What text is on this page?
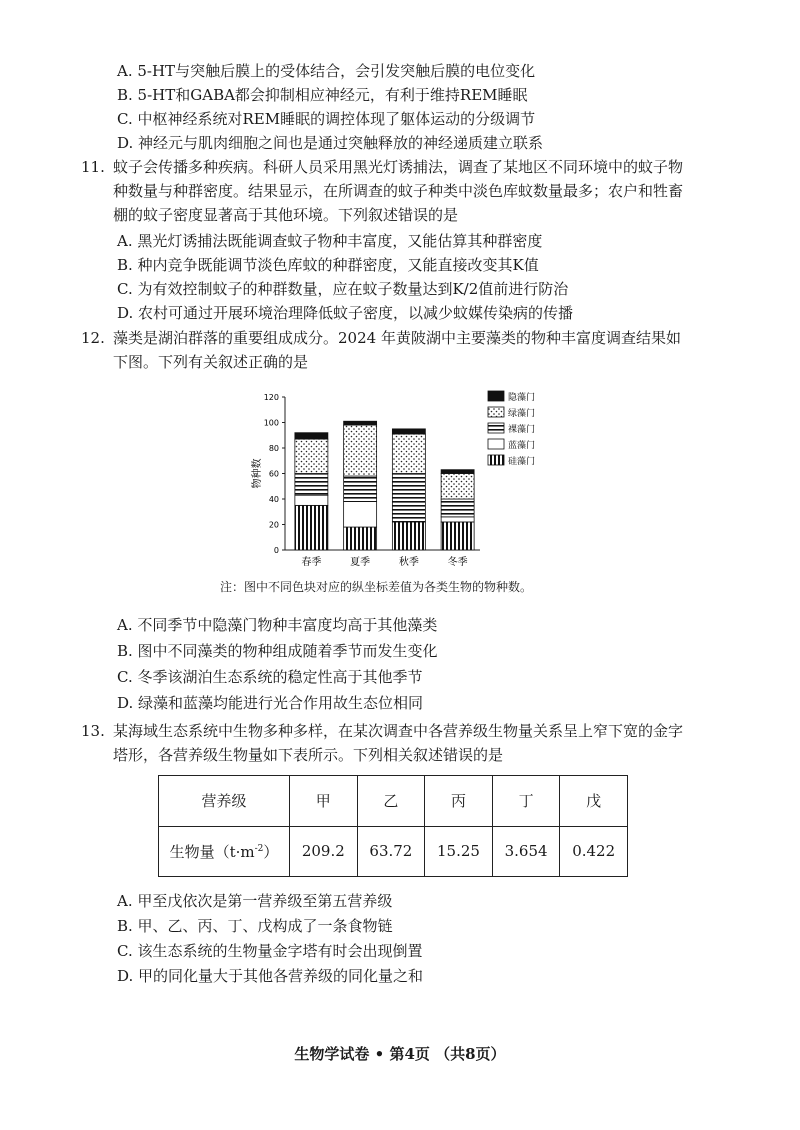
A. 5-HT与突触后膜上的受体结合，会引发突触后膜的电位变化
B. 5-HT和GABA都会抑制相应神经元，有利于维持REM睡眠
C. 中枢神经系统对REM睡眠的调控体现了躯体运动的分级调节
D. 神经元与肌肉细胞之间也是通过突触释放的神经递质建立联系
11. 蚊子会传播多种疾病。科研人员采用黑光灯诱捕法，调查了某地区不同环境中的蚊子物
种数量与种群密度。结果显示，在所调查的蚊子种类中淡色库蚊数量最多；农户和牲畜
棚的蚊子密度显著高于其他环境。下列叙述错误的是
A. 黑光灯诱捕法既能调查蚊子物种丰富度，又能估算其种群密度
B. 种内竞争既能调节淡色库蚊的种群密度，又能直接改变其K值
C. 为有效控制蚊子的种群数量，应在蚊子数量达到K/2值前进行防治
D. 农村可通过开展环境治理降低蚊子密度，以减少蚊媒传染病的传播
12. 藻类是湖泊群落的重要组成成分。2024 年黄陂湖中主要藻类的物种丰富度调查结果如
下图。下列有关叙述正确的是
0
20
40
60
80
100
120
物种数
春季	夏季	秋季	冬季
隐藻门
绿藻门
裸藻门
蓝藻门
硅藻门
注：图中不同色块对应的纵坐标差值为各类生物的物种数。
A. 不同季节中隐藻门物种丰富度均高于其他藻类
B. 图中不同藻类的物种组成随着季节而发生变化
C. 冬季该湖泊生态系统的稳定性高于其他季节
D. 绿藻和蓝藻均能进行光合作用故生态位相同
13. 某海域生态系统中生物多种多样，在某次调查中各营养级生物量关系呈上窄下宽的金字
塔形，各营养级生物量如下表所示。下列相关叙述错误的是
营养级	甲	乙	丙	丁	戊
生物量$(t\cdot m^{-2})$	209.2	63.72	15.25	3.654	0.422
A. 甲至戊依次是第一营养级至第五营养级
B. 甲、乙、丙、丁、戊构成了一条食物链
C. 该生态系统的生物量金字塔有时会出现倒置
D. 甲的同化量大于其他各营养级的同化量之和
生物学试卷 • 第4页 （共8页）
